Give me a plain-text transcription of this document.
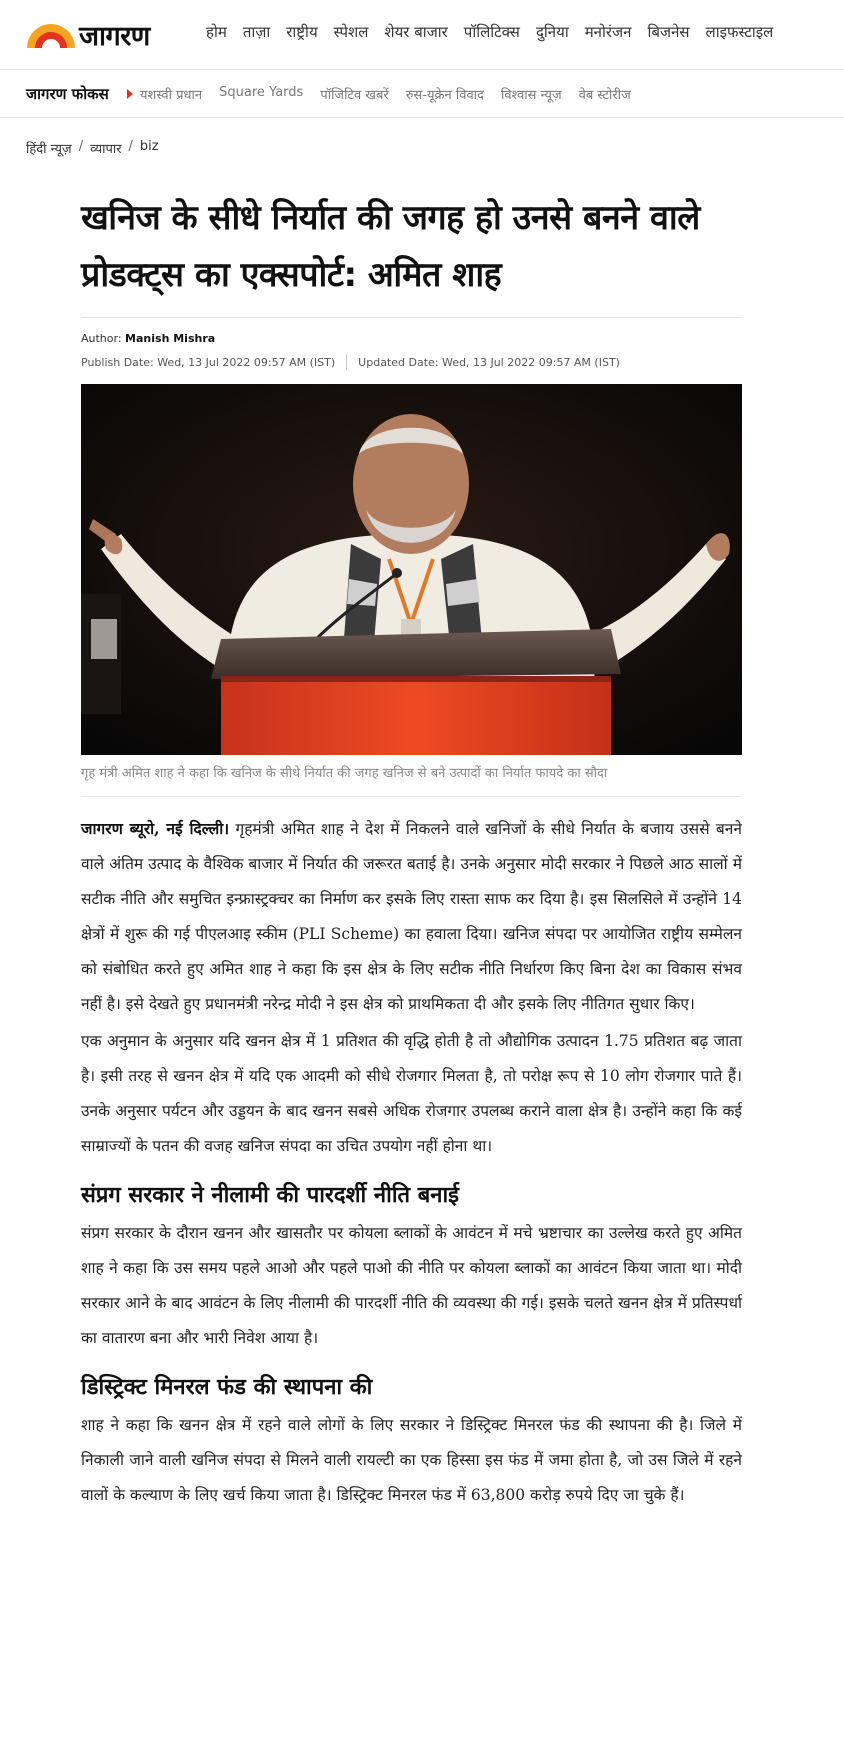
जागरण	होम ताज़ा राष्ट्रीय स्पेशल शेयर बाजार पॉलिटिक्स दुनिया मनोरंजन बिजनेस लाइफस्टाइल
जागरण फोकस यशस्वी प्रधान Square Yards पॉजिटिव खबरें रुस-यूक्रेन विवाद विश्वास न्यूज़ वेब स्टोरीज
हिंदी न्यूज़ / व्यापार / biz
खनिज के सीधे निर्यात की जगह हो उनसे बनने वाले प्रोडक्ट्स का एक्सपोर्ट: अमित शाह
Author: Manish Mishra
Publish Date: Wed, 13 Jul 2022 09:57 AM (IST) Updated Date: Wed, 13 Jul 2022 09:57 AM (IST)

गृह मंत्री अमित शाह ने कहा कि खनिज के सीधे निर्यात की जगह खनिज से बने उत्पादों का निर्यात फायदे का सौदा

जागरण ब्यूरो, नई दिल्ली। गृहमंत्री अमित शाह ने देश में निकलने वाले खनिजों के सीधे निर्यात के बजाय उससे बनने वाले अंतिम उत्पाद के वैश्विक बाजार में निर्यात की जरूरत बताई है। उनके अनुसार मोदी सरकार ने पिछले आठ सालों में सटीक नीति और समुचित इन्फ्रास्ट्रक्चर का निर्माण कर इसके लिए रास्ता साफ कर दिया है। इस सिलसिले में उन्होंने 14 क्षेत्रों में शुरू की गई पीएलआइ स्कीम (PLI Scheme) का हवाला दिया। खनिज संपदा पर आयोजित राष्ट्रीय सम्मेलन को संबोधित करते हुए अमित शाह ने कहा कि इस क्षेत्र के लिए सटीक नीति निर्धारण किए बिना देश का विकास संभव नहीं है। इसे देखते हुए प्रधानमंत्री नरेन्द्र मोदी ने इस क्षेत्र को प्राथमिकता दी और इसके लिए नीतिगत सुधार किए।

एक अनुमान के अनुसार यदि खनन क्षेत्र में 1 प्रतिशत की वृद्धि होती है तो औद्योगिक उत्पादन 1.75 प्रतिशत बढ़ जाता है। इसी तरह से खनन क्षेत्र में यदि एक आदमी को सीधे रोजगार मिलता है, तो परोक्ष रूप से 10 लोग रोजगार पाते हैं। उनके अनुसार पर्यटन और उड्डयन के बाद खनन सबसे अधिक रोजगार उपलब्ध कराने वाला क्षेत्र है। उन्होंने कहा कि कई साम्राज्यों के पतन की वजह खनिज संपदा का उचित उपयोग नहीं होना था।

संप्रग सरकार ने नीलामी की पारदर्शी नीति बनाई

संप्रग सरकार के दौरान खनन और खासतौर पर कोयला ब्लाकों के आवंटन में मचे भ्रष्टाचार का उल्लेख करते हुए अमित शाह ने कहा कि उस समय पहले आओ और पहले पाओ की नीति पर कोयला ब्लाकों का आवंटन किया जाता था। मोदी सरकार आने के बाद आवंटन के लिए नीलामी की पारदर्शी नीति की व्यवस्था की गई। इसके चलते खनन क्षेत्र में प्रतिस्पर्धा का वातारण बना और भारी निवेश आया है।

डिस्ट्रिक्ट मिनरल फंड की स्थापना की

शाह ने कहा कि खनन क्षेत्र में रहने वाले लोगों के लिए सरकार ने डिस्ट्रिक्ट मिनरल फंड की स्थापना की है। जिले में निकाली जाने वाली खनिज संपदा से मिलने वाली रायल्टी का एक हिस्सा इस फंड में जमा होता है, जो उस जिले में रहने वालों के कल्याण के लिए खर्च किया जाता है। डिस्ट्रिक्ट मिनरल फंड में 63,800 करोड़ रुपये दिए जा चुके हैं।
